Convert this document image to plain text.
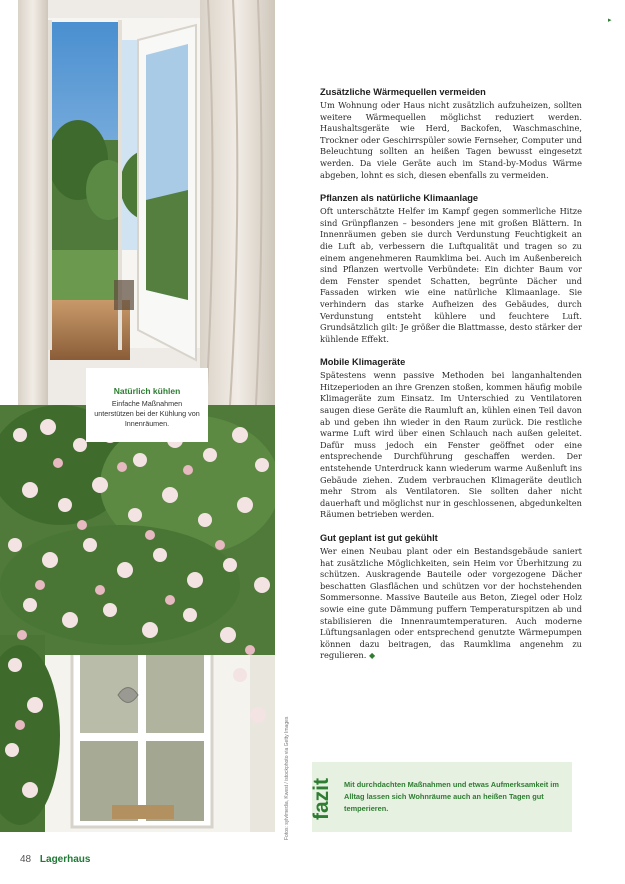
Bauen & Wohnen
Natürlich kühlen
Einfache Maßnahmen unterstützen bei der Kühlung von Innenräumen.
Fotos: sylvlmedia, Kwest / istockphoto via Getty Images
▸
Zusätzliche Wärmequellen vermeiden

Um Wohnung oder Haus nicht zusätzlich aufzuheizen, sollten weitere Wärmequellen möglichst reduziert werden. Haushaltsgeräte wie Herd, Backofen, Waschmaschine, Trockner oder Geschirrspüler sowie Fernseher, Computer und Beleuchtung sollten an heißen Tagen bewusst eingesetzt werden. Da viele Geräte auch im Stand-by-Modus Wärme abgeben, lohnt es sich, diesen ebenfalls zu vermeiden.

Pflanzen als natürliche Klimaanlage

Oft unterschätzte Helfer im Kampf gegen sommerliche Hitze sind Grünpflanzen – besonders jene mit großen Blättern. In Innenräumen geben sie durch Verdunstung Feuchtigkeit an die Luft ab, verbessern die Luftqualität und tragen so zu einem angenehmeren Raumklima bei. Auch im Außenbereich sind Pflanzen wertvolle Verbündete: Ein dichter Baum vor dem Fenster spendet Schatten, begrünte Dächer und Fassaden wirken wie eine natürliche Klimaanlage. Sie verhindern das starke Aufheizen des Gebäudes, durch Verdunstung entsteht kühlere und feuchtere Luft. Grundsätzlich gilt: Je größer die Blattmasse, desto stärker der kühlende Effekt.

Mobile Klimageräte

Spätestens wenn passive Methoden bei langanhaltenden Hitzeperioden an ihre Grenzen stoßen, kommen häufig mobile Klimageräte zum Einsatz. Im Unterschied zu Ventilatoren saugen diese Geräte die Raumluft an, kühlen einen Teil davon ab und geben ihn wieder in den Raum zurück. Die restliche warme Luft wird über einen Schlauch nach außen geleitet. Dafür muss jedoch ein Fenster geöffnet oder eine entsprechende Durchführung geschaffen werden. Der entstehende Unterdruck kann wiederum warme Außenluft ins Gebäude ziehen. Zudem verbrauchen Klimageräte deutlich mehr Strom als Ventilatoren. Sie sollten daher nicht dauerhaft und möglichst nur in geschlossenen, abgedunkelten Räumen betrieben werden.

Gut geplant ist gut gekühlt

Wer einen Neubau plant oder ein Bestandsgebäude saniert hat zusätzliche Möglichkeiten, sein Heim vor Überhitzung zu schützen. Auskragende Bauteile oder vorgezogene Dächer beschatten Glasflächen und schützen vor der hochstehenden Sommersonne. Massive Bauteile aus Beton, Ziegel oder Holz sowie eine gute Dämmung puffern Temperaturspitzen ab und stabilisieren die Innenraumtemperaturen. Auch moderne Lüftungsanlagen oder entsprechend genutzte Wärmepumpen können dazu beitragen, das Raumklima angenehm zu regulieren. ◆

fazit Mit durchdachten Maßnahmen und etwas Aufmerksamkeit im Alltag lassen sich Wohnräume auch an heißen Tagen gut temperieren.
48 Lagerhaus
